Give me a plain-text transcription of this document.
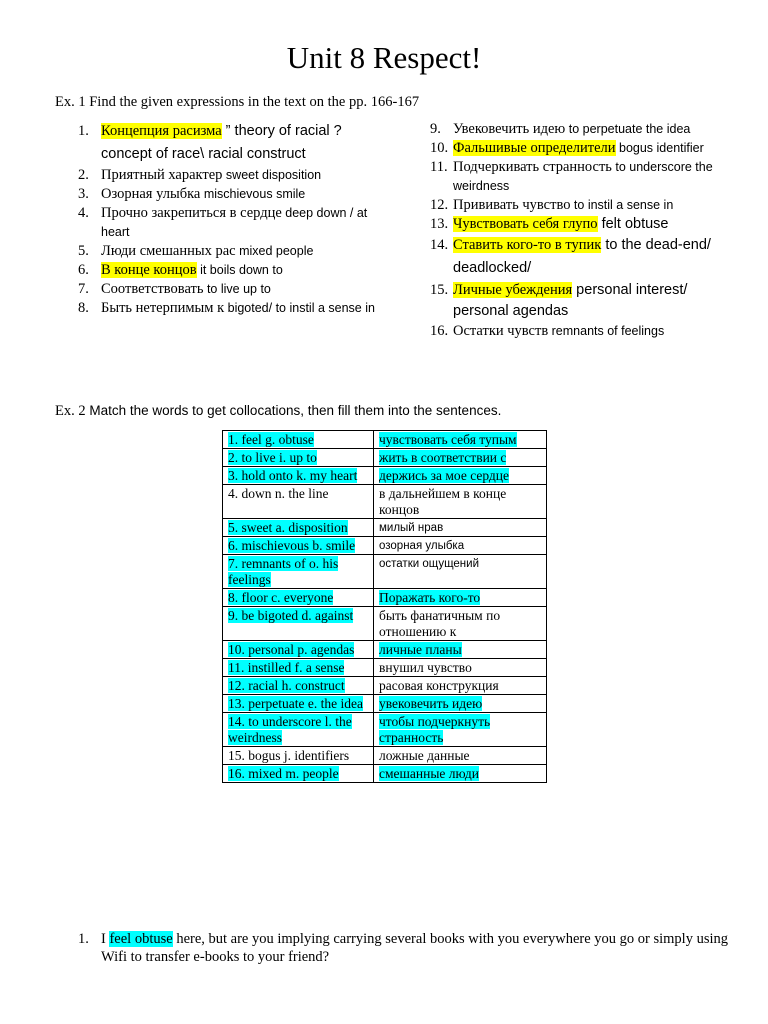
Unit 8 Respect!
Ex. 1 Find the given expressions in the text on the pp. 166-167
1. Концепция расизма ” theory of racial ? concept of race\ racial construct
2. Приятный характер sweet disposition
3. Озорная улыбка mischievous smile
4. Прочно закрепиться в сердце deep down / at heart
5. Люди смешанных рас mixed people
6. В конце концов it boils down to
7. Соответствовать to live up to
8. Быть нетерпимым к bigoted/ to instil a sense in
9. Увековечить идею to perpetuate the idea
10. Фальшивые определители bogus identifier
11. Подчеркивать странность to underscore the weirdness
12. Прививать чувство to instil a sense in
13. Чувствовать себя глупо felt obtuse
14. Ставить кого-то в тупик to the dead-end/ deadlocked/
15. Личные убеждения personal interest/ personal agendas
16. Остатки чувств remnants of feelings
Ex. 2 Match the words to get collocations, then fill them into the sentences.
1. feel g. obtuse	чувствовать себя тупым
2. to live i. up to	жить в соответствии с
3. hold onto k. my heart	держись за мое сердце
4. down n. the line	в дальнейшем в конце концов
5. sweet a. disposition	милый нрав
6. mischievous b. smile	озорная улыбка
7. remnants of o. his feelings	остатки ощущений
8. floor c. everyone	Поражать кого-то
9. be bigoted d. against	быть фанатичным по отношению к
10. personal p. agendas	личные планы
11. instilled f. a sense	внушил чувство
12. racial h. construct	расовая конструкция
13. perpetuate e. the idea	увековечить идею
14. to underscore l. the weirdness	чтобы подчеркнуть странность
15. bogus j. identifiers	ложные данные
16. mixed m. people	смешанные люди
1. I feel obtuse here, but are you implying carrying several books with you everywhere you go or simply using Wifi to transfer e-books to your friend?
